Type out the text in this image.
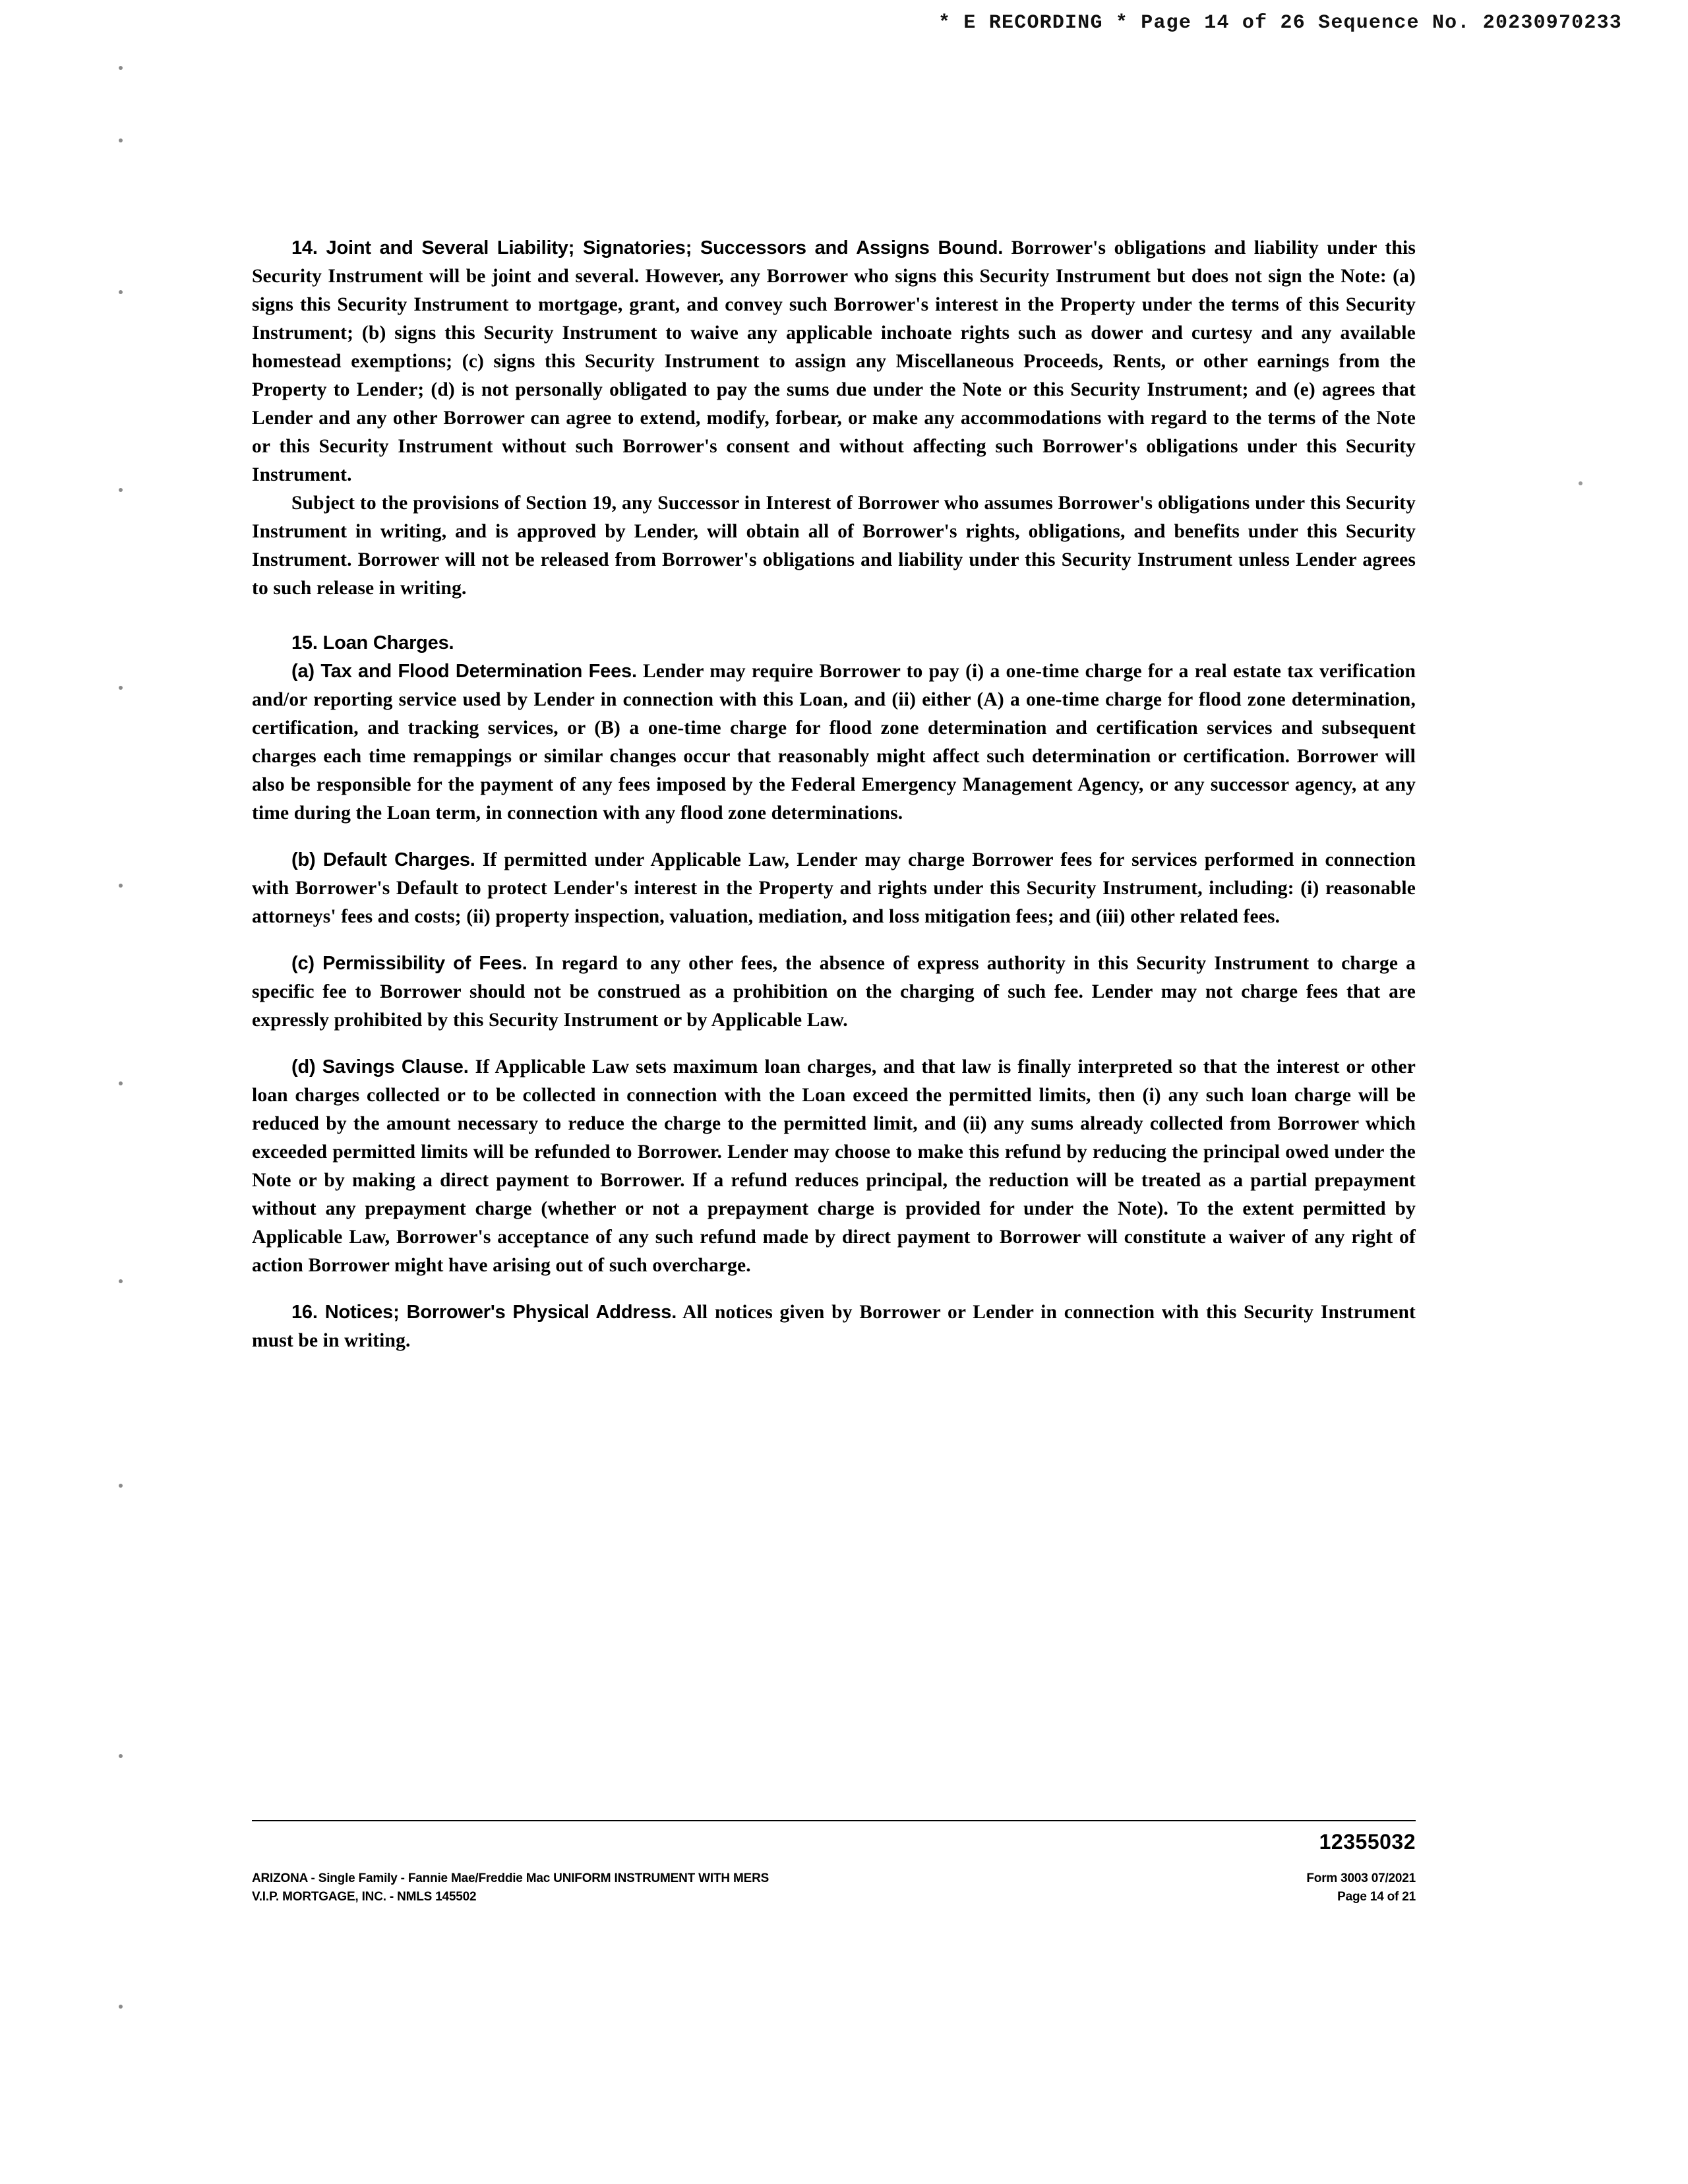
* E RECORDING * Page 14 of 26 Sequence No. 20230970233

14. Joint and Several Liability; Signatories; Successors and Assigns Bound. Borrower's obligations and liability under this Security Instrument will be joint and several. However, any Borrower who signs this Security Instrument but does not sign the Note: (a) signs this Security Instrument to mortgage, grant, and convey such Borrower's interest in the Property under the terms of this Security Instrument; (b) signs this Security Instrument to waive any applicable inchoate rights such as dower and curtesy and any available homestead exemptions; (c) signs this Security Instrument to assign any Miscellaneous Proceeds, Rents, or other earnings from the Property to Lender; (d) is not personally obligated to pay the sums due under the Note or this Security Instrument; and (e) agrees that Lender and any other Borrower can agree to extend, modify, forbear, or make any accommodations with regard to the terms of the Note or this Security Instrument without such Borrower's consent and without affecting such Borrower's obligations under this Security Instrument.

Subject to the provisions of Section 19, any Successor in Interest of Borrower who assumes Borrower's obligations under this Security Instrument in writing, and is approved by Lender, will obtain all of Borrower's rights, obligations, and benefits under this Security Instrument. Borrower will not be released from Borrower's obligations and liability under this Security Instrument unless Lender agrees to such release in writing.

15. Loan Charges.

(a) Tax and Flood Determination Fees. Lender may require Borrower to pay (i) a one-time charge for a real estate tax verification and/or reporting service used by Lender in connection with this Loan, and (ii) either (A) a one-time charge for flood zone determination, certification, and tracking services, or (B) a one-time charge for flood zone determination and certification services and subsequent charges each time remappings or similar changes occur that reasonably might affect such determination or certification. Borrower will also be responsible for the payment of any fees imposed by the Federal Emergency Management Agency, or any successor agency, at any time during the Loan term, in connection with any flood zone determinations.

(b) Default Charges. If permitted under Applicable Law, Lender may charge Borrower fees for services performed in connection with Borrower's Default to protect Lender's interest in the Property and rights under this Security Instrument, including: (i) reasonable attorneys' fees and costs; (ii) property inspection, valuation, mediation, and loss mitigation fees; and (iii) other related fees.

(c) Permissibility of Fees. In regard to any other fees, the absence of express authority in this Security Instrument to charge a specific fee to Borrower should not be construed as a prohibition on the charging of such fee. Lender may not charge fees that are expressly prohibited by this Security Instrument or by Applicable Law.

(d) Savings Clause. If Applicable Law sets maximum loan charges, and that law is finally interpreted so that the interest or other loan charges collected or to be collected in connection with the Loan exceed the permitted limits, then (i) any such loan charge will be reduced by the amount necessary to reduce the charge to the permitted limit, and (ii) any sums already collected from Borrower which exceeded permitted limits will be refunded to Borrower. Lender may choose to make this refund by reducing the principal owed under the Note or by making a direct payment to Borrower. If a refund reduces principal, the reduction will be treated as a partial prepayment without any prepayment charge (whether or not a prepayment charge is provided for under the Note). To the extent permitted by Applicable Law, Borrower's acceptance of any such refund made by direct payment to Borrower will constitute a waiver of any right of action Borrower might have arising out of such overcharge.

16. Notices; Borrower's Physical Address. All notices given by Borrower or Lender in connection with this Security Instrument must be in writing.

12355032
ARIZONA - Single Family - Fannie Mae/Freddie Mac UNIFORM INSTRUMENT WITH MERS
V.I.P. MORTGAGE, INC. - NMLS 145502
Form 3003 07/2021
Page 14 of 21
